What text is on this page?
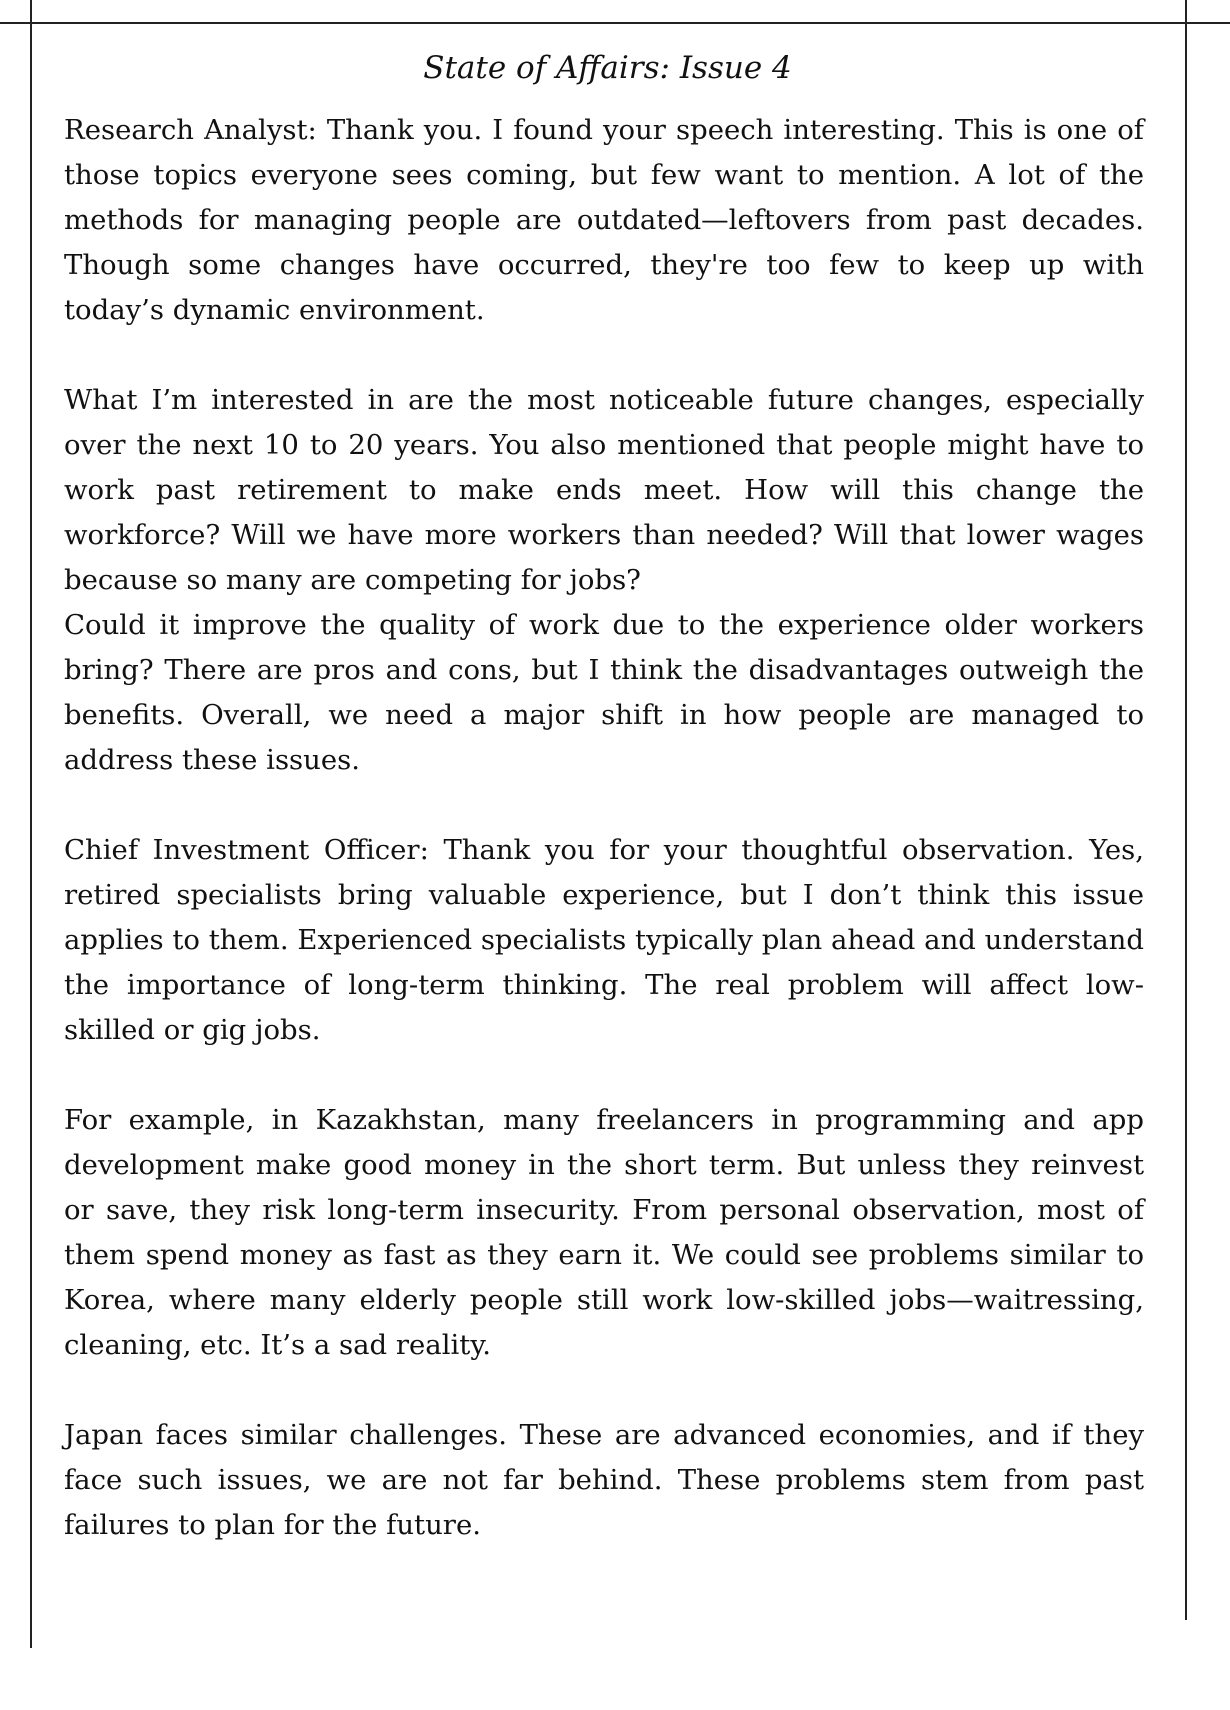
State of Affairs: Issue 4

Research Analyst: Thank you. I found your speech interesting. This is one of those topics everyone sees coming, but few want to mention. A lot of the methods for managing people are outdated—leftovers from past decades. Though some changes have occurred, they're too few to keep up with today’s dynamic environment.

What I’m interested in are the most noticeable future changes, especially over the next 10 to 20 years. You also mentioned that people might have to work past retirement to make ends meet. How will this change the workforce? Will we have more workers than needed? Will that lower wages because so many are competing for jobs?

Could it improve the quality of work due to the experience older workers bring? There are pros and cons, but I think the disadvantages outweigh the benefits. Overall, we need a major shift in how people are managed to address these issues.

Chief Investment Officer: Thank you for your thoughtful observation. Yes, retired specialists bring valuable experience, but I don’t think this issue applies to them. Experienced specialists typically plan ahead and understand the importance of long-term thinking. The real problem will affect low-skilled or gig jobs.

For example, in Kazakhstan, many freelancers in programming and app development make good money in the short term. But unless they reinvest or save, they risk long-term insecurity. From personal observation, most of them spend money as fast as they earn it. We could see problems similar to Korea, where many elderly people still work low-skilled jobs—waitressing, cleaning, etc. It’s a sad reality.

Japan faces similar challenges. These are advanced economies, and if they face such issues, we are not far behind. These problems stem from past failures to plan for the future.
